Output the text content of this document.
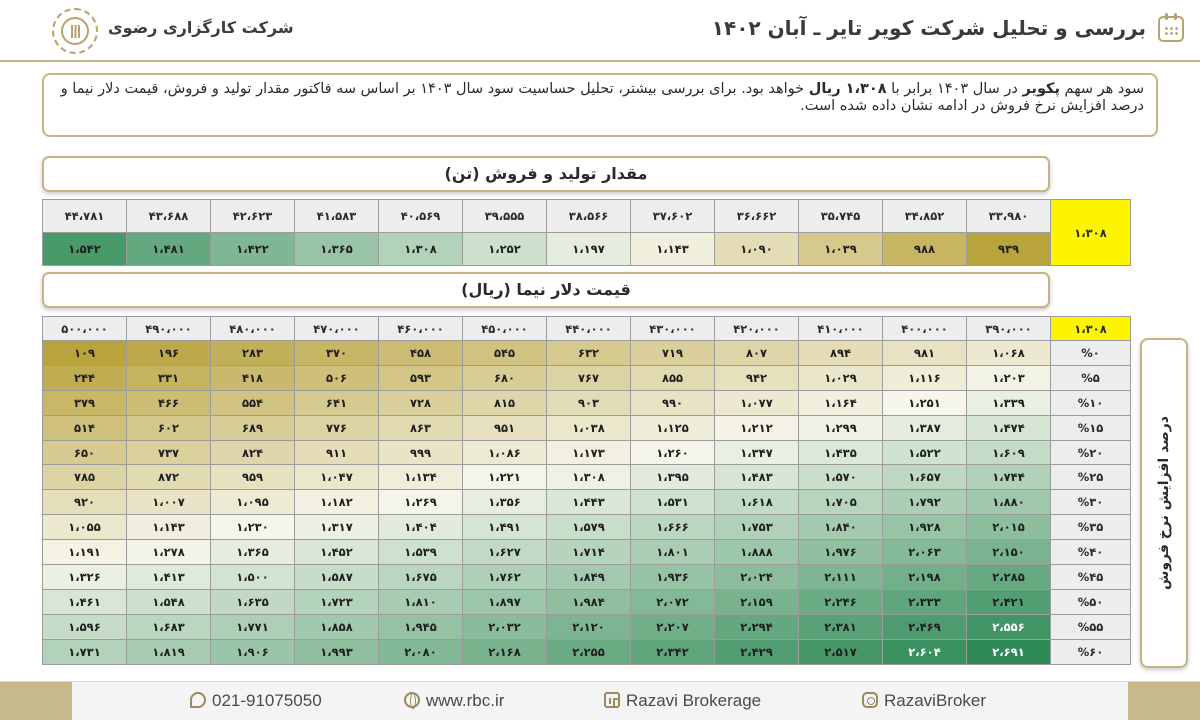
بررسی و تحلیل شرکت کویر تایر ـ آبان ۱۴۰۲
شرکت کارگزاری رضوی
سود هر سهم پکویر در سال ۱۴۰۳ برابر با ۱،۳۰۸ ریال خواهد بود. برای بررسی بیشتر، تحلیل حساسیت سود سال ۱۴۰۳ بر اساس سه فاکتور مقدار تولید و فروش، قیمت دلار نیما و درصد افزایش نرخ فروش در ادامه نشان داده شده است.
مقدار تولید و فروش (تن)
۴۴،۷۸۱	۴۳،۶۸۸	۴۲،۶۲۳	۴۱،۵۸۳	۴۰،۵۶۹	۳۹،۵۵۵	۳۸،۵۶۶	۳۷،۶۰۲	۳۶،۶۶۲	۳۵،۷۴۵	۳۴،۸۵۲	۳۳،۹۸۰	۱،۳۰۸
۱،۵۴۲	۱،۴۸۱	۱،۴۲۲	۱،۳۶۵	۱،۳۰۸	۱،۲۵۲	۱،۱۹۷	۱،۱۴۳	۱،۰۹۰	۱،۰۳۹	۹۸۸	۹۳۹	
قیمت دلار نیما (ریال)
۵۰۰،۰۰۰	۴۹۰،۰۰۰	۴۸۰،۰۰۰	۴۷۰،۰۰۰	۴۶۰،۰۰۰	۴۵۰،۰۰۰	۴۴۰،۰۰۰	۴۳۰،۰۰۰	۴۲۰،۰۰۰	۴۱۰،۰۰۰	۴۰۰،۰۰۰	۳۹۰،۰۰۰	۱،۳۰۸
۱۰۹	۱۹۶	۲۸۳	۳۷۰	۴۵۸	۵۴۵	۶۳۲	۷۱۹	۸۰۷	۸۹۴	۹۸۱	۱،۰۶۸	%۰
۲۴۴	۳۳۱	۴۱۸	۵۰۶	۵۹۳	۶۸۰	۷۶۷	۸۵۵	۹۴۲	۱،۰۲۹	۱،۱۱۶	۱،۲۰۳	%۵
۳۷۹	۴۶۶	۵۵۴	۶۴۱	۷۲۸	۸۱۵	۹۰۳	۹۹۰	۱،۰۷۷	۱،۱۶۴	۱،۲۵۱	۱،۳۳۹	%۱۰
۵۱۴	۶۰۲	۶۸۹	۷۷۶	۸۶۳	۹۵۱	۱،۰۳۸	۱،۱۲۵	۱،۲۱۲	۱،۲۹۹	۱،۳۸۷	۱،۴۷۴	%۱۵
۶۵۰	۷۳۷	۸۲۴	۹۱۱	۹۹۹	۱،۰۸۶	۱،۱۷۳	۱،۲۶۰	۱،۳۴۷	۱،۴۳۵	۱،۵۲۲	۱،۶۰۹	%۲۰
۷۸۵	۸۷۲	۹۵۹	۱،۰۴۷	۱،۱۳۴	۱،۲۲۱	۱،۳۰۸	۱،۳۹۵	۱،۴۸۳	۱،۵۷۰	۱،۶۵۷	۱،۷۴۴	%۲۵
۹۲۰	۱،۰۰۷	۱،۰۹۵	۱،۱۸۲	۱،۲۶۹	۱،۳۵۶	۱،۴۴۳	۱،۵۳۱	۱،۶۱۸	۱،۷۰۵	۱،۷۹۲	۱،۸۸۰	%۳۰
۱،۰۵۵	۱،۱۴۳	۱،۲۳۰	۱،۳۱۷	۱،۴۰۴	۱،۴۹۱	۱،۵۷۹	۱،۶۶۶	۱،۷۵۳	۱،۸۴۰	۱،۹۲۸	۲،۰۱۵	%۳۵
۱،۱۹۱	۱،۲۷۸	۱،۳۶۵	۱،۴۵۲	۱،۵۳۹	۱،۶۲۷	۱،۷۱۴	۱،۸۰۱	۱،۸۸۸	۱،۹۷۶	۲،۰۶۳	۲،۱۵۰	%۴۰
۱،۳۲۶	۱،۴۱۳	۱،۵۰۰	۱،۵۸۷	۱،۶۷۵	۱،۷۶۲	۱،۸۴۹	۱،۹۳۶	۲،۰۲۴	۲،۱۱۱	۲،۱۹۸	۲،۲۸۵	%۴۵
۱،۴۶۱	۱،۵۴۸	۱،۶۳۵	۱،۷۲۳	۱،۸۱۰	۱،۸۹۷	۱،۹۸۴	۲،۰۷۲	۲،۱۵۹	۲،۲۴۶	۲،۳۳۳	۲،۴۲۱	%۵۰
۱،۵۹۶	۱،۶۸۳	۱،۷۷۱	۱،۸۵۸	۱،۹۴۵	۲،۰۳۲	۲،۱۲۰	۲،۲۰۷	۲،۲۹۴	۲،۳۸۱	۲،۴۶۹	۲،۵۵۶	%۵۵
۱،۷۳۱	۱،۸۱۹	۱،۹۰۶	۱،۹۹۳	۲،۰۸۰	۲،۱۶۸	۲،۲۵۵	۲،۳۴۲	۲،۴۲۹	۲،۵۱۷	۲،۶۰۴	۲،۶۹۱	%۶۰
درصد افزایش نرخ فروش
021-91075050	www.rbc.ir	Razavi Brokerage	RazaviBroker
